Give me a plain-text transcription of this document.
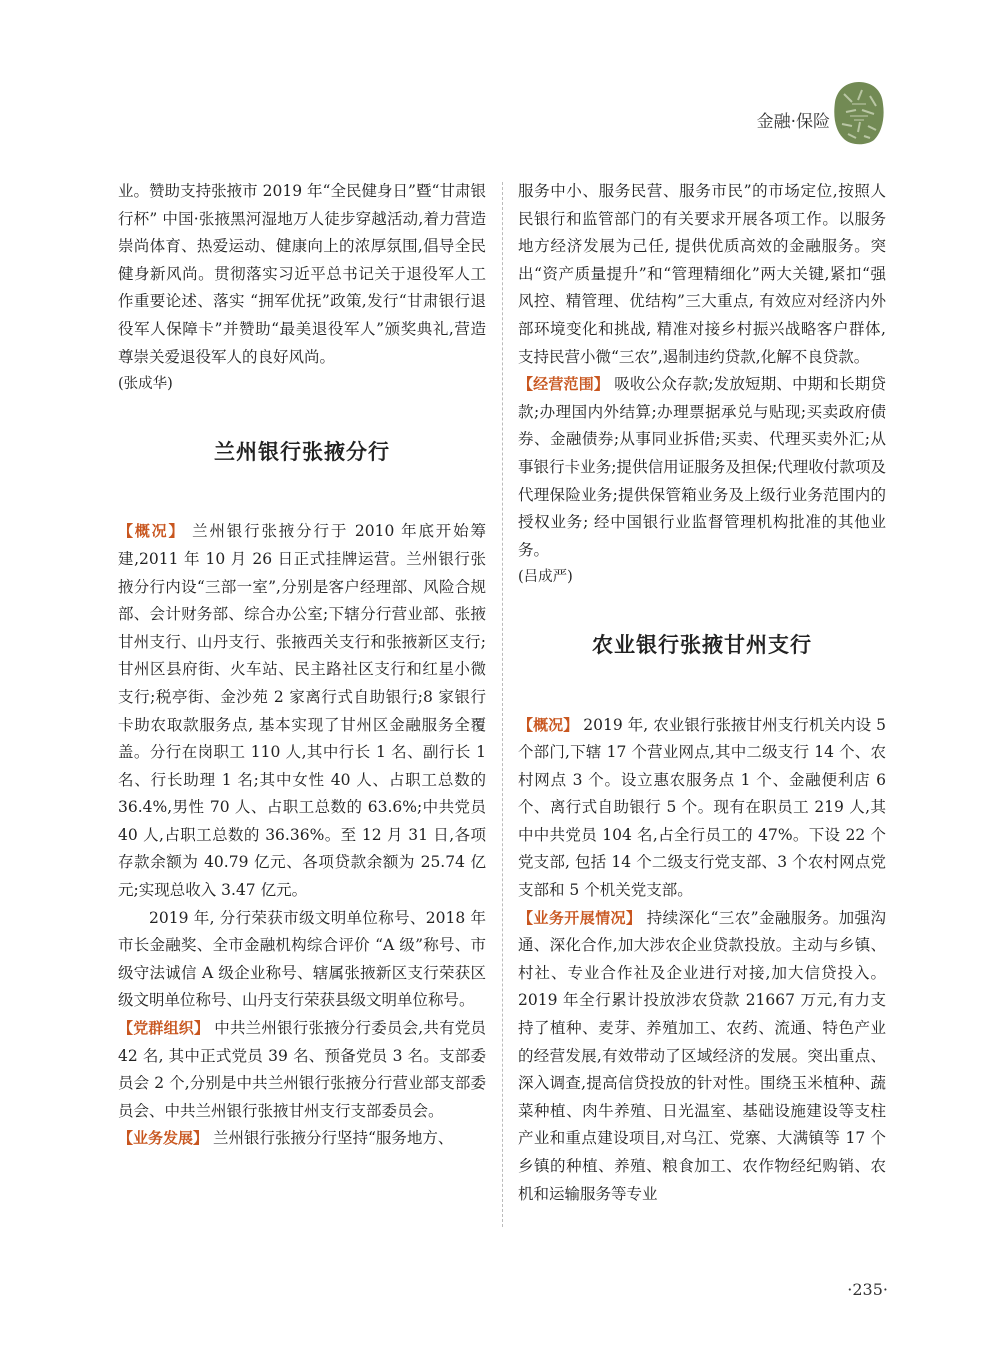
金融·保险

业。赞助支持张掖市 2019 年“全民健身日”暨“甘肃银行杯” 中国·张掖黑河湿地万人徒步穿越活动,着力营造崇尚体育、热爱运动、健康向上的浓厚氛围,倡导全民健身新风尚。贯彻落实习近平总书记关于退役军人工作重要论述、落实 “拥军优抚”政策,发行“甘肃银行退役军人保障卡”并赞助“最美退役军人”颁奖典礼,营造尊崇关爱退役军人的良好风尚。

(张成华)

兰州银行张掖分行

【概况】 兰州银行张掖分行于 2010 年底开始筹建,2011 年 10 月 26 日正式挂牌运营。兰州银行张掖分行内设“三部一室”,分别是客户经理部、风险合规部、会计财务部、综合办公室;下辖分行营业部、张掖甘州支行、山丹支行、张掖西关支行和张掖新区支行;甘州区县府街、火车站、民主路社区支行和红星小微支行;税亭街、金沙苑 2 家离行式自助银行;8 家银行卡助农取款服务点, 基本实现了甘州区金融服务全覆盖。分行在岗职工 110 人,其中行长 1 名、副行长 1 名、行长助理 1 名;其中女性 40 人、占职工总数的 36.4%,男性 70 人、占职工总数的 63.6%;中共党员 40 人,占职工总数的 36.36%。至 12 月 31 日,各项存款余额为 40.79 亿元、各项贷款余额为 25.74 亿元;实现总收入 3.47 亿元。

2019 年, 分行荣获市级文明单位称号、2018 年市长金融奖、全市金融机构综合评价 “A 级”称号、市级守法诚信 A 级企业称号、辖属张掖新区支行荣获区级文明单位称号、山丹支行荣获县级文明单位称号。

【党群组织】 中共兰州银行张掖分行委员会,共有党员 42 名, 其中正式党员 39 名、预备党员 3 名。支部委员会 2 个,分别是中共兰州银行张掖分行营业部支部委员会、中共兰州银行张掖甘州支行支部委员会。

【业务发展】 兰州银行张掖分行坚持“服务地方、

服务中小、服务民营、服务市民”的市场定位,按照人民银行和监管部门的有关要求开展各项工作。以服务地方经济发展为己任, 提供优质高效的金融服务。突出“资产质量提升”和“管理精细化”两大关键,紧扣“强风控、精管理、优结构”三大重点, 有效应对经济内外部环境变化和挑战, 精准对接乡村振兴战略客户群体,支持民营小微“三农”,遏制违约贷款,化解不良贷款。

【经营范围】 吸收公众存款;发放短期、中期和长期贷款;办理国内外结算;办理票据承兑与贴现;买卖政府债券、金融债券;从事同业拆借;买卖、代理买卖外汇;从事银行卡业务;提供信用证服务及担保;代理收付款项及代理保险业务;提供保管箱业务及上级行业务范围内的授权业务; 经中国银行业监督管理机构批准的其他业务。

(吕成严)

农业银行张掖甘州支行

【概况】 2019 年, 农业银行张掖甘州支行机关内设 5 个部门,下辖 17 个营业网点,其中二级支行 14 个、农村网点 3 个。设立惠农服务点 1 个、金融便利店 6 个、离行式自助银行 5 个。现有在职员工 219 人,其中中共党员 104 名,占全行员工的 47%。下设 22 个党支部, 包括 14 个二级支行党支部、3 个农村网点党支部和 5 个机关党支部。

【业务开展情况】 持续深化“三农”金融服务。加强沟通、深化合作,加大涉农企业贷款投放。主动与乡镇、村社、专业合作社及企业进行对接,加大信贷投入。2019 年全行累计投放涉农贷款 21667 万元,有力支持了植种、麦芽、养殖加工、农药、流通、特色产业的经营发展,有效带动了区域经济的发展。突出重点、深入调查,提高信贷投放的针对性。围绕玉米植种、蔬菜种植、肉牛养殖、日光温室、基础设施建设等支柱产业和重点建设项目,对乌江、党寨、大满镇等 17 个乡镇的种植、养殖、粮食加工、农作物经纪购销、农机和运输服务等专业

·235·
